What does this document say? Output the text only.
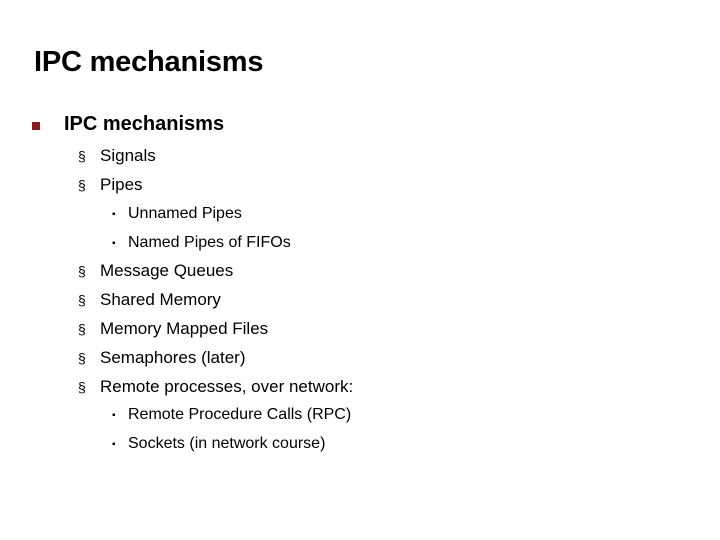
IPC mechanisms
IPC mechanisms
§ Signals
§ Pipes
▪ Unnamed Pipes
▪ Named Pipes of FIFOs
§ Message Queues
§ Shared Memory
§ Memory Mapped Files
§ Semaphores (later)
§ Remote processes, over network:
▪ Remote Procedure Calls (RPC)
▪ Sockets (in network course)
